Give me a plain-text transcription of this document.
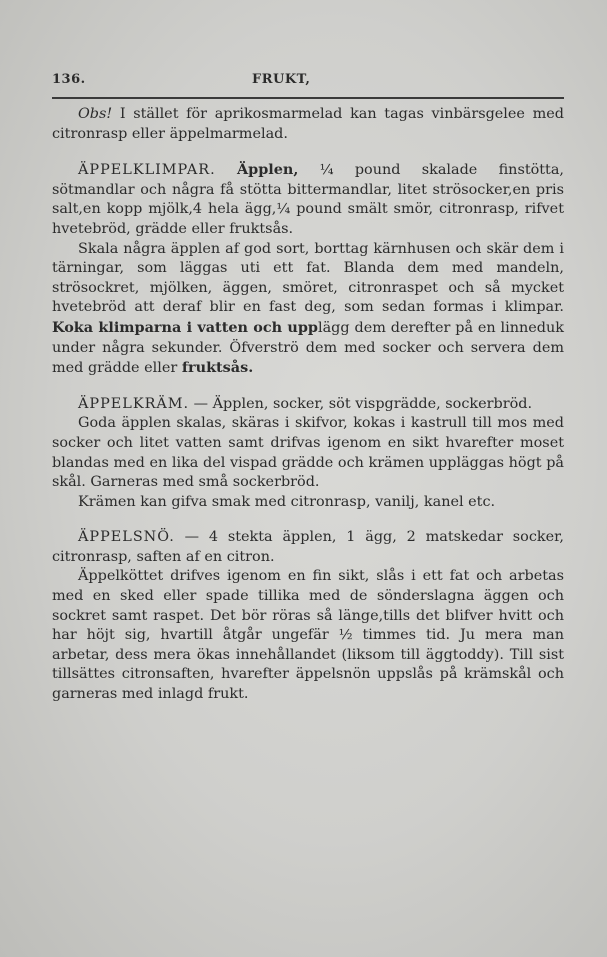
136.	FRUKT,

Obs! I stället för aprikosmarmelad kan tagas vinbärsgelee med citronrasp eller äppelmarmelad.

ÄPPELKLIMPAR. Äpplen, ¼ pound skalade finstötta, sötmandlar och några få stötta bittermandlar, litet strösocker,en pris salt,en kopp mjölk,4 hela ägg,¼ pound smält smör, citronrasp, rifvet hvetebröd, grädde eller fruktsås.

Skala några äpplen af god sort, borttag kärnhusen och skär dem i tärningar, som läggas uti ett fat. Blanda dem med mandeln, strösockret, mjölken, äggen, smöret, citronraspet och så mycket hvetebröd att deraf blir en fast deg, som sedan formas i klimpar. Koka klimparna i vatten och upplägg dem derefter på en linneduk under några sekunder. Öfverströ dem med socker och servera dem med grädde eller fruktsås.

ÄPPELKRÄM. — Äpplen, socker, söt vispgrädde, sockerbröd.

Goda äpplen skalas, skäras i skifvor, kokas i kastrull till mos med socker och litet vatten samt drifvas igenom en sikt hvarefter moset blandas med en lika del vispad grädde och krämen uppläggas högt på skål. Garneras med små sockerbröd.

Krämen kan gifva smak med citronrasp, vanilj, kanel etc.

ÄPPELSNÖ. — 4 stekta äpplen, 1 ägg, 2 matskedar socker, citronrasp, saften af en citron.

Äppelköttet drifves igenom en fin sikt, slås i ett fat och arbetas med en sked eller spade tillika med de sönderslagna äggen och sockret samt raspet. Det bör röras så länge,tills det blifver hvitt och har höjt sig, hvartill åtgår ungefär ½ timmes tid. Ju mera man arbetar, dess mera ökas innehållandet (liksom till äggtoddy). Till sist tillsättes citronsaften, hvarefter äppelsnön uppslås på krämskål och garneras med inlagd frukt.
